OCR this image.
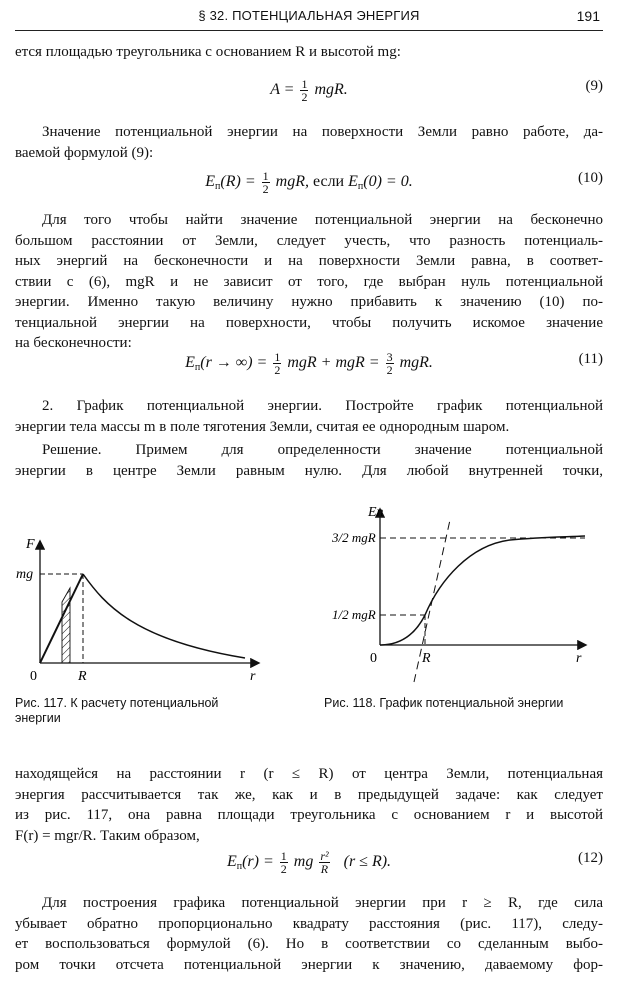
§ 32. ПОТЕНЦИАЛЬНАЯ ЭНЕРГИЯ	191
ется площадью треугольника с основанием R и высотой mg:
$A = \frac{1}{2}$ mgR.	(9)
Значение потенциальной энергии на поверхности Земли равно работе, да-
ваемой формулой (9):
$E_п(R) = \frac{1}{2}$ mgR, если $E_п(0) = 0$.	(10)
Для того чтобы найти значение потенциальной энергии на бесконечно
большом расстоянии от Земли, следует учесть, что разность потенциаль-
ных энергий на бесконечности и на поверхности Земли равна, в соответ-
ствии с (6), mgR и не зависит от того, где выбран нуль потенциальной
энергии. Именно такую величину нужно прибавить к значению (10) по-
тенциальной энергии на поверхности, чтобы получить искомое значение
на бесконечности:
$E_п(r$ → ∞) = $\frac{1}{2}$ mgR + mgR = $\frac{3}{2}$ mgR.	(11)
2. График потенциальной энергии. Постройте график потенциальной
энергии тела массы m в поле тяготения Земли, считая ее однородным шаром.
Решение. Примем для определенности значение потенциальной
энергии в центре Земли равным нулю. Для любой внутренней точки,
F
mg
0	R	r
Рис. 117. К расчету потенциальной
энергии
Eп
3/2 mgR
1/2 mgR
0	R	r
Рис. 118. График потенциальной энергии
находящейся на расстоянии r (r ≤ R) от центра Земли, потенциальная
энергия рассчитывается так же, как и в предыдущей задаче: как следует
из рис. 117, она равна площади треугольника с основанием r и высотой
F(r) = mgr/R. Таким образом,
$E_п(r) = \frac{1}{2}$ mg $\frac{\text{r²}}{R} (r \le R)$.	(12)
Для построения графика потенциальной энергии при r ≥ R, где сила
убывает обратно пропорционально квадрату расстояния (рис. 117), следу-
ет воспользоваться формулой (6). Но в соответствии со сделанным выбо-
ром точки отсчета потенциальной энергии к значению, даваемому фор-
